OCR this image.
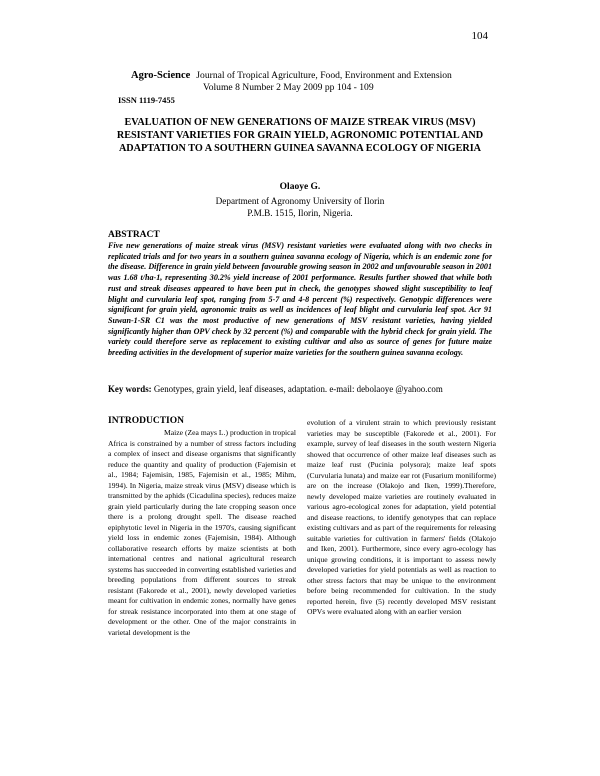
104
Agro-Science Journal of Tropical Agriculture, Food, Environment and Extension
Volume 8 Number 2 May 2009 pp 104 - 109
ISSN 1119-7455
EVALUATION OF NEW GENERATIONS OF MAIZE STREAK VIRUS (MSV) RESISTANT VARIETIES FOR GRAIN YIELD, AGRONOMIC POTENTIAL AND ADAPTATION TO A SOUTHERN GUINEA SAVANNA ECOLOGY OF NIGERIA
Olaoye G.
Department of Agronomy University of Ilorin
P.M.B. 1515, Ilorin, Nigeria.
ABSTRACT
Five new generations of maize streak virus (MSV) resistant varieties were evaluated along with two checks in replicated trials and for two years in a southern guinea savanna ecology of Nigeria, which is an endemic zone for the disease. Difference in grain yield between favourable growing season in 2002 and unfavourable season in 2001 was 1.68 t/ha-1, representing 30.2% yield increase of 2001 performance. Results further showed that while both rust and streak diseases appeared to have been put in check, the genotypes showed slight susceptibility to leaf blight and curvularia leaf spot, ranging from 5-7 and 4-8 percent (%) respectively. Genotypic differences were significant for grain yield, agronomic traits as well as incidences of leaf blight and curvularia leaf spot. Acr 91 Suwan-1-SR C1 was the most productive of new generations of MSV resistant varieties, having yielded significantly higher than OPV check by 32 percent (%) and comparable with the hybrid check for grain yield. The variety could therefore serve as replacement to existing cultivar and also as source of genes for future maize breeding activities in the development of superior maize varieties for the southern guinea savanna ecology.
Key words: Genotypes, grain yield, leaf diseases, adaptation. e-mail: debolaoye @yahoo.com
INTRODUCTION

Maize (Zea mays L.) production in tropical Africa is constrained by a number of stress factors including a complex of insect and disease organisms that significantly reduce the quantity and quality of production (Fajemisin et al., 1984; Fajemisin, 1985, Fajemisin et al., 1985; Mihm, 1994). In Nigeria, maize streak virus (MSV) disease which is transmitted by the aphids (Cicadulina species), reduces maize grain yield particularly during the late cropping season once there is a prolong drought spell. The disease reached epiphytotic level in Nigeria in the 1970's, causing significant yield loss in endemic zones (Fajemisin, 1984). Although collaborative research efforts by maize scientists at both international centres and national agricultural research systems has succeeded in converting established varieties and breeding populations from different sources to streak resistant (Fakorede et al., 2001), newly developed varieties meant for cultivation in endemic zones, normally have genes for streak resistance incorporated into them at one stage of development or the other. One of the major constraints in varietal development is the

evolution of a virulent strain to which previously resistant varieties may be susceptible (Fakorede et al., 2001). For example, survey of leaf diseases in the south western Nigeria showed that occurrence of other maize leaf diseases such as maize leaf rust (Pucinia polysora); maize leaf spots (Curvularia lunata) and maize ear rot (Fusarium moniliforme) are on the increase (Olakojo and Iken, 1999).Therefore, newly developed maize varieties are routinely evaluated in various agro-ecological zones for adaptation, yield potential and disease reactions, to identify genotypes that can replace existing cultivars and as part of the requirements for releasing suitable varieties for cultivation in farmers' fields (Olakojo and Iken, 2001). Furthermore, since every agro-ecology has unique growing conditions, it is important to assess newly developed varieties for yield potentials as well as reaction to other stress factors that may be unique to the environment before being recommended for cultivation. In the study reported herein, five (5) recently developed MSV resistant OPVs were evaluated along with an earlier version
